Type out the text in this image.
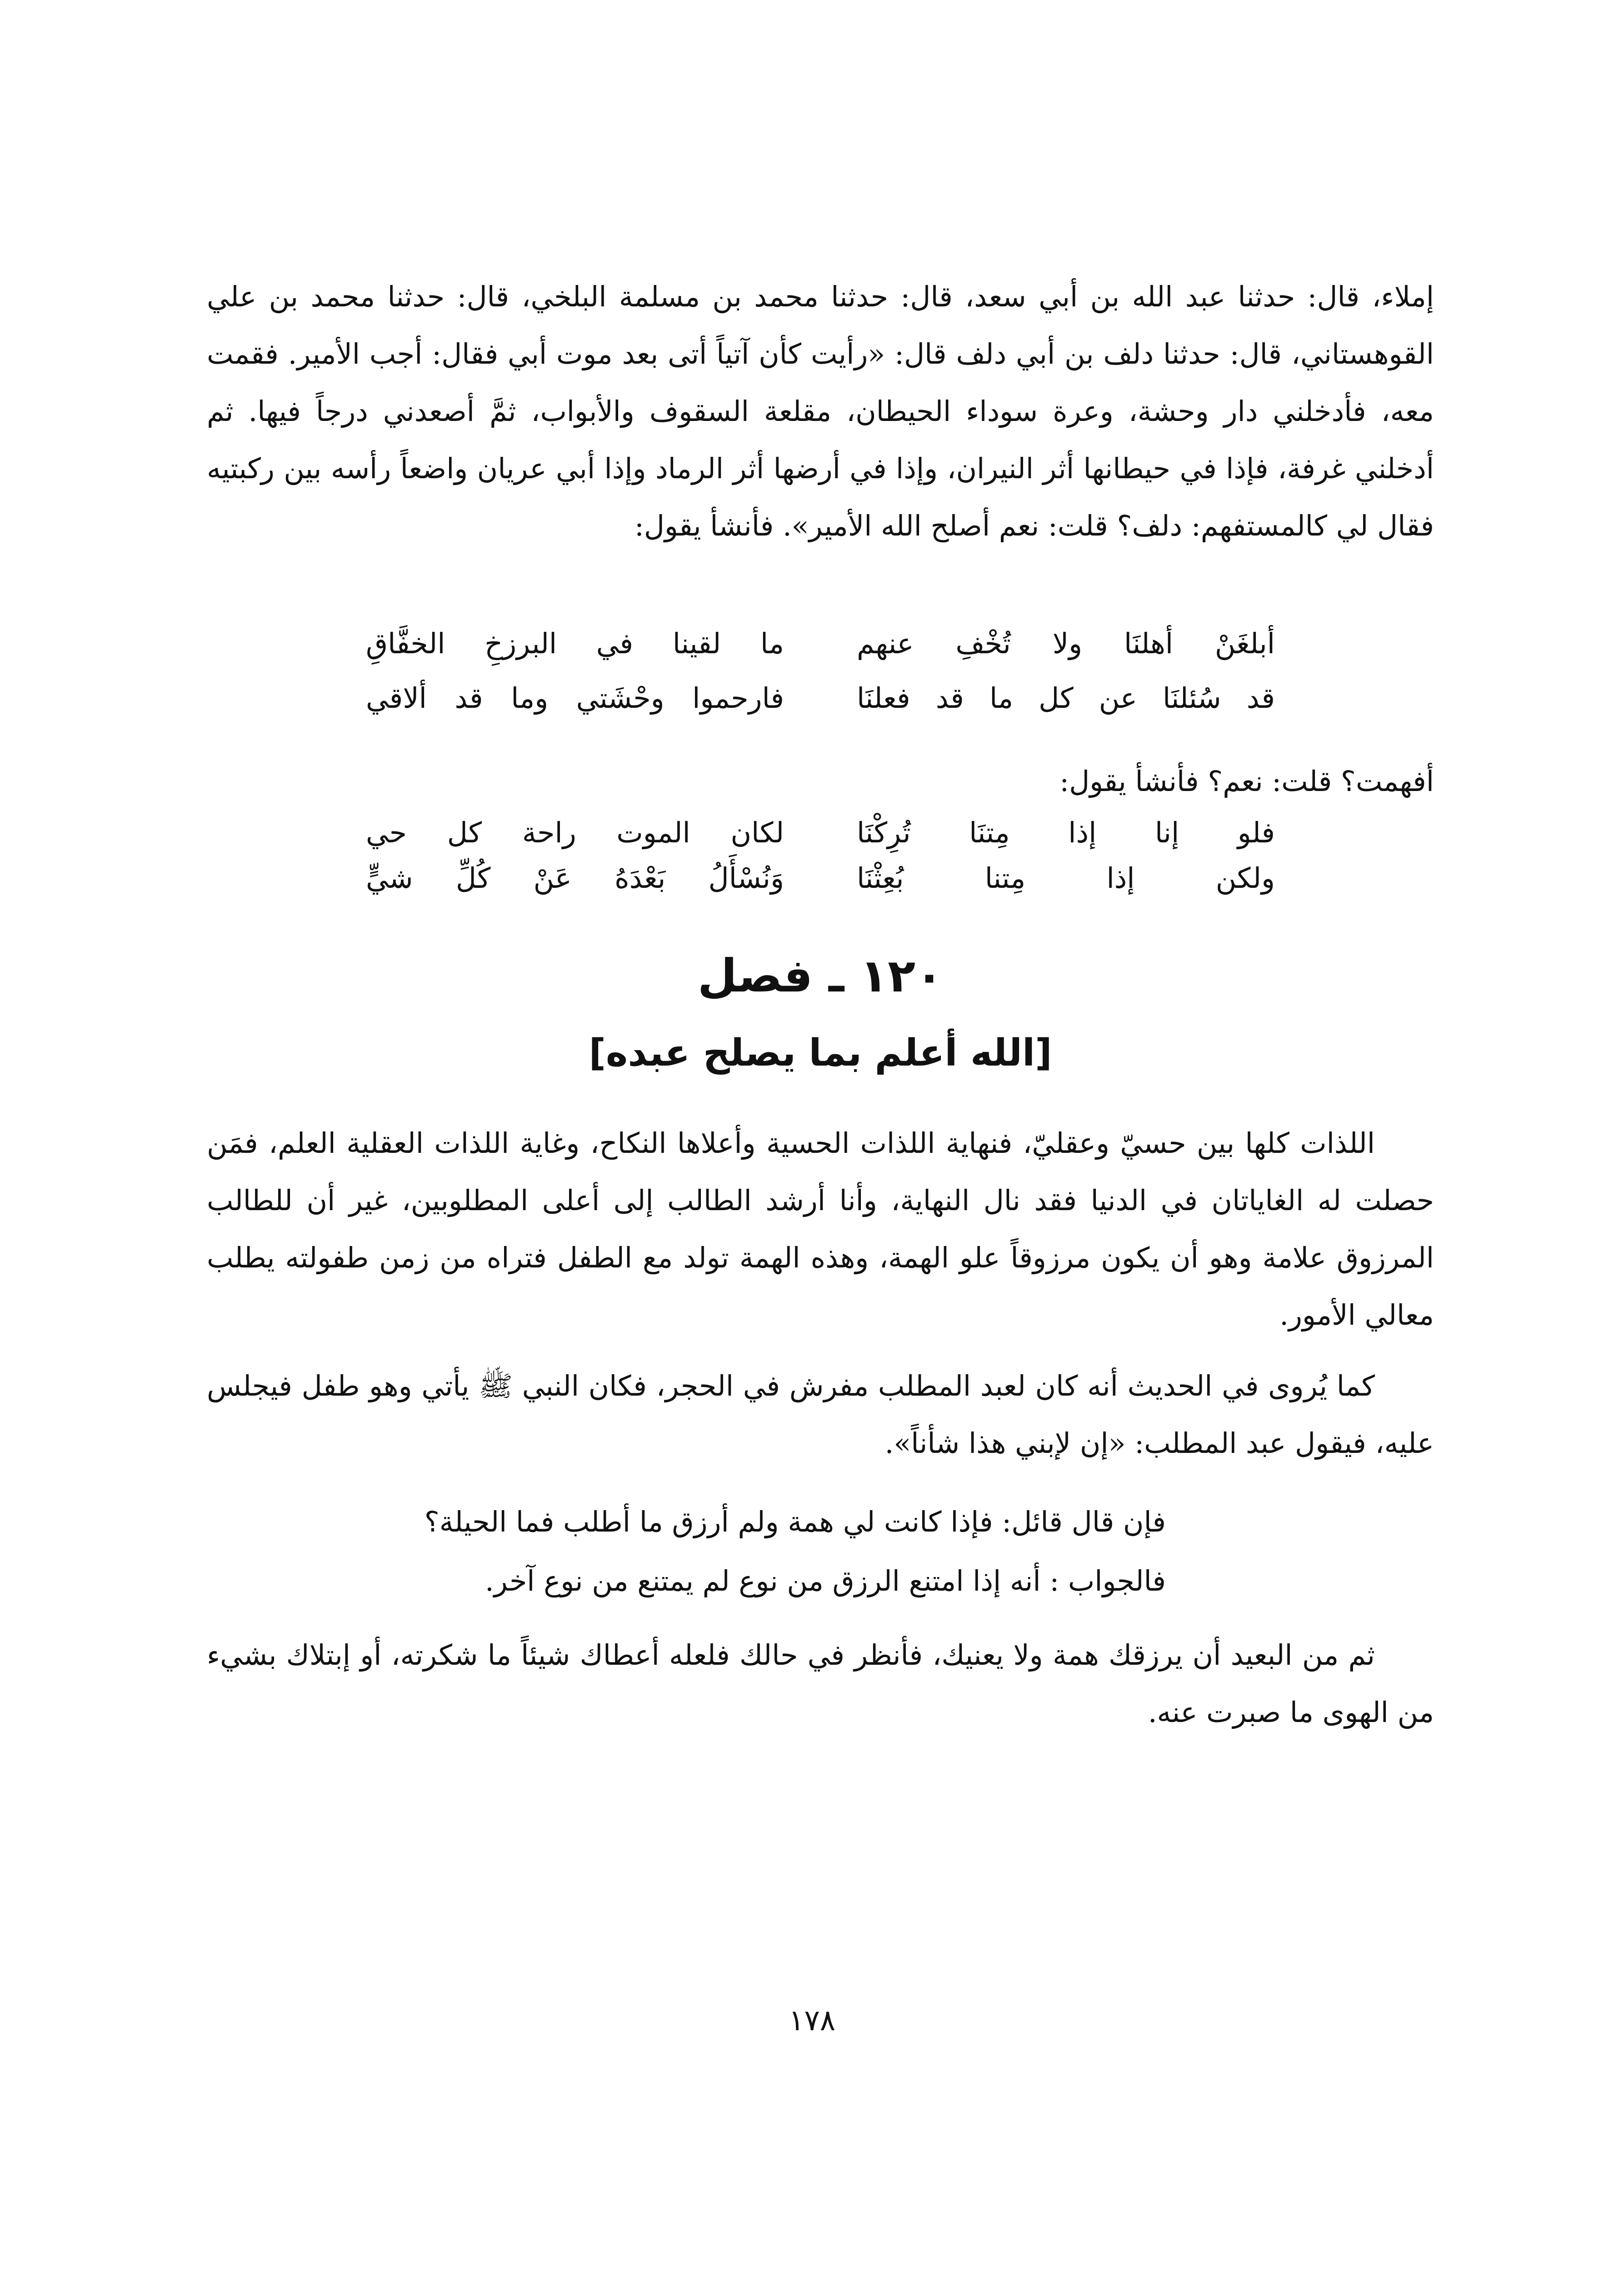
إملاء، قال: حدثنا عبد الله بن أبي سعد، قال: حدثنا محمد بن مسلمة البلخي، قال: حدثنا محمد بن علي القوهستاني، قال: حدثنا دلف بن أبي دلف قال: «رأيت كأن آتياً أتى بعد موت أبي فقال: أجب الأمير. فقمت معه، فأدخلني دار وحشة، وعرة سوداء الحيطان، مقلعة السقوف والأبواب، ثمَّ أصعدني درجاً فيها. ثم أدخلني غرفة، فإذا في حيطانها أثر النيران، وإذا في أرضها أثر الرماد وإذا أبي عريان واضعاً رأسه بين ركبتيه فقال لي كالمستفهم: دلف؟ قلت: نعم أصلح الله الأمير». فأنشأ يقول:

أبلغَنْ أهلنَا ولا تُخْفِ عنهم
ما لقينا في البرزخِ الخفَّاقِ
قد سُئلنَا عن كل ما قد فعلنَا
فارحموا وحْشَتي وما قد ألاقي

أفهمت؟ قلت: نعم؟ فأنشأ يقول:

فلو إنا إذا مِتنَا تُرِكْنَا
لكان الموت راحة كل حي
ولكن إذا مِتنا بُعِثْنَا
وَنُسْأَلُ بَعْدَهُ عَنْ كُلِّ شيٍّ
١٢٠ ـ فصل
[الله أعلم بما يصلح عبده]

اللذات كلها بين حسيّ وعقليّ، فنهاية اللذات الحسية وأعلاها النكاح، وغاية اللذات العقلية العلم، فمَن حصلت له الغاياتان في الدنيا فقد نال النهاية، وأنا أرشد الطالب إلى أعلى المطلوبين، غير أن للطالب المرزوق علامة وهو أن يكون مرزوقاً علو الهمة، وهذه الهمة تولد مع الطفل فتراه من زمن طفولته يطلب معالي الأمور.

كما يُروى في الحديث أنه كان لعبد المطلب مفرش في الحجر، فكان النبي ﷺ يأتي وهو طفل فيجلس عليه، فيقول عبد المطلب: «إن لإبني هذا شأناً».

فإن قال قائل: فإذا كانت لي همة ولم أرزق ما أطلب فما الحيلة؟

فالجواب : أنه إذا امتنع الرزق من نوع لم يمتنع من نوع آخر.

ثم من البعيد أن يرزقك همة ولا يعنيك، فأنظر في حالك فلعله أعطاك شيئاً ما شكرته، أو إبتلاك بشيء من الهوى ما صبرت عنه.

١٧٨
